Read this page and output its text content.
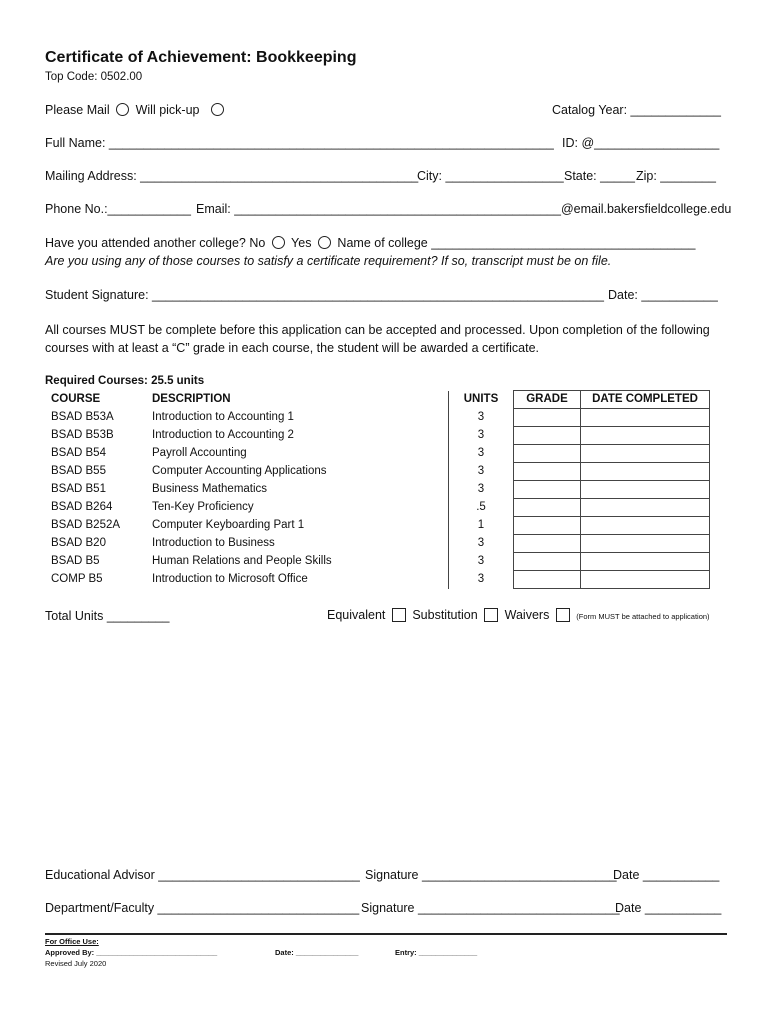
Certificate of Achievement: Bookkeeping
Top Code: 0502.00
Please Mail Will pick-up	Catalog Year: _____________
Full Name: ________________________________________________________________ ID: @__________________
Mailing Address: ________________________________________
City: _________________ State: _____ Zip: ________
Phone No.:____________ Email: _______________________________________________@email.bakersfieldcollege.edu
Have you attended another college? No Yes Name of college ______________________________________
Are you using any of those courses to satisfy a certificate requirement? If so, transcript must be on file.
Student Signature: _________________________________________________________________ Date: ___________
All courses MUST be complete before this application can be accepted and processed. Upon completion of the following
courses with at least a “C” grade in each course, the student will be awarded a certificate.
Required Courses: 25.5 units
COURSE	DESCRIPTION	UNITS	GRADE	DATE COMPLETED
BSAD B53A	Introduction to Accounting 1	3		
BSAD B53B	Introduction to Accounting 2	3		
BSAD B54	Payroll Accounting	3		
BSAD B55	Computer Accounting Applications	3		
BSAD B51	Business Mathematics	3		
BSAD B264	Ten-Key Proficiency	.5		
BSAD B252A	Computer Keyboarding Part 1	1		
BSAD B20	Introduction to Business	3		
BSAD B5	Human Relations and People Skills	3		
COMP B5	Introduction to Microsoft Office	3		
Total Units _________	Equivalent Substitution Waivers	(Form MUST be attached to application)
Educational Advisor _____________________________ Signature ____________________________
Date ___________
Department/Faculty _____________________________ Signature _____________________________
Date ___________
For Office Use:
Approved By: _____________________________	Date: _______________	Entry: ______________
Revised July 2020
